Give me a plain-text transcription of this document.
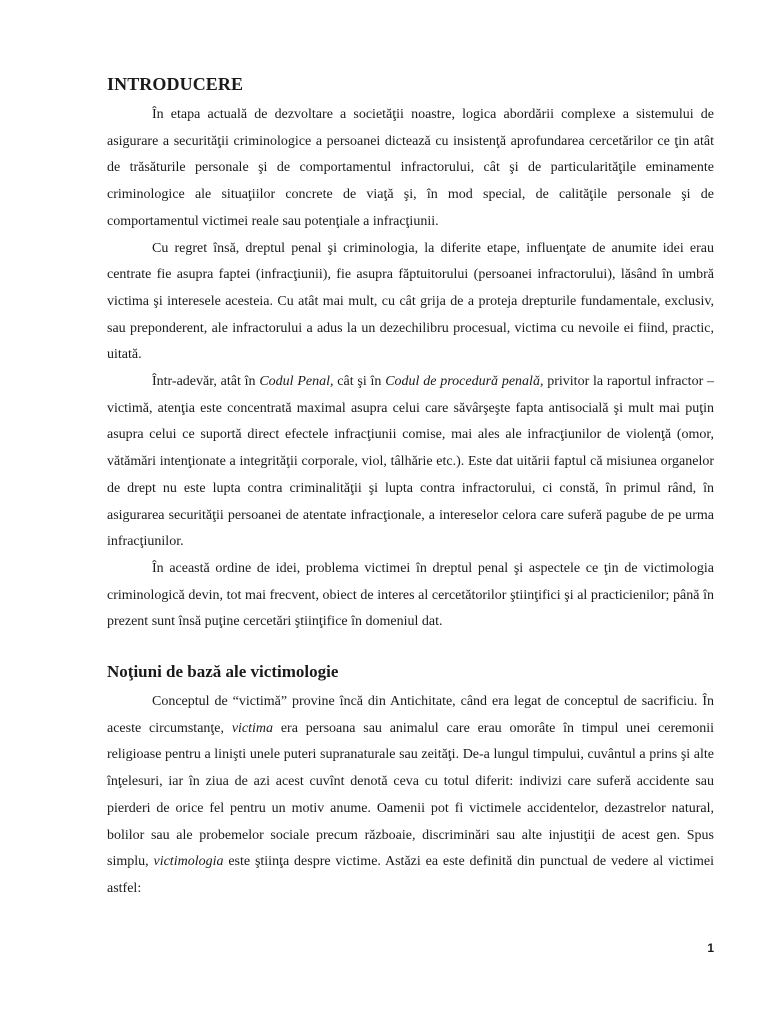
INTRODUCERE

În etapa actuală de dezvoltare a societăţii noastre, logica abordării complexe a sistemului de asigurare a securităţii criminologice a persoanei dictează cu insistenţă aprofundarea cercetărilor ce ţin atât de trăsăturile personale şi de comportamentul infractorului, cât şi de particularităţile eminamente criminologice ale situaţiilor concrete de viaţă şi, în mod special, de calităţile personale şi de comportamentul victimei reale sau potenţiale a infracţiunii.

Cu regret însă, dreptul penal şi criminologia, la diferite etape, influenţate de anumite idei erau centrate fie asupra faptei (infracţiunii), fie asupra făptuitorului (persoanei infractorului), lăsând în umbră victima şi interesele acesteia. Cu atât mai mult, cu cât grija de a proteja drepturile fundamentale, exclusiv, sau preponderent, ale infractorului a adus la un dezechilibru procesual, victima cu nevoile ei fiind, practic, uitată.

Într-adevăr, atât în Codul Penal, cât şi în Codul de procedură penală, privitor la raportul infractor – victimă, atenţia este concentrată maximal asupra celui care săvârşeşte fapta antisocială şi mult mai puţin asupra celui ce suportă direct efectele infracţiunii comise, mai ales ale infracţiunilor de violenţă (omor, vătămări intenţionate a integrităţii corporale, viol, tâlhărie etc.). Este dat uitării faptul că misiunea organelor de drept nu este lupta contra criminalităţii şi lupta contra infractorului, ci constă, în primul rând, în asigurarea securităţii persoanei de atentate infracţionale, a intereselor celora care suferă pagube de pe urma infracţiunilor.

În această ordine de idei, problema victimei în dreptul penal şi aspectele ce ţin de victimologia criminologică devin, tot mai frecvent, obiect de interes al cercetătorilor ştiinţifici şi al practicienilor; până în prezent sunt însă puţine cercetări ştiinţifice în domeniul dat.

Noţiuni de bază ale victimologie

Conceptul de “victimă” provine încă din Antichitate, când era legat de conceptul de sacrificiu. În aceste circumstanţe, victima era persoana sau animalul care erau omorâte în timpul unei ceremonii religioase pentru a linişti unele puteri supranaturale sau zeităţi. De-a lungul timpului, cuvântul a prins şi alte înţelesuri, iar în ziua de azi acest cuvînt denotă ceva cu totul diferit: indivizi care suferă accidente sau pierderi de orice fel pentru un motiv anume. Oamenii pot fi victimele accidentelor, dezastrelor natural, bolilor sau ale probemelor sociale precum războaie, discriminări sau alte injustiţii de acest gen. Spus simplu, victimologia este ştiinţa despre victime. Astăzi ea este definită din punctual de vedere al victimei astfel:

1
